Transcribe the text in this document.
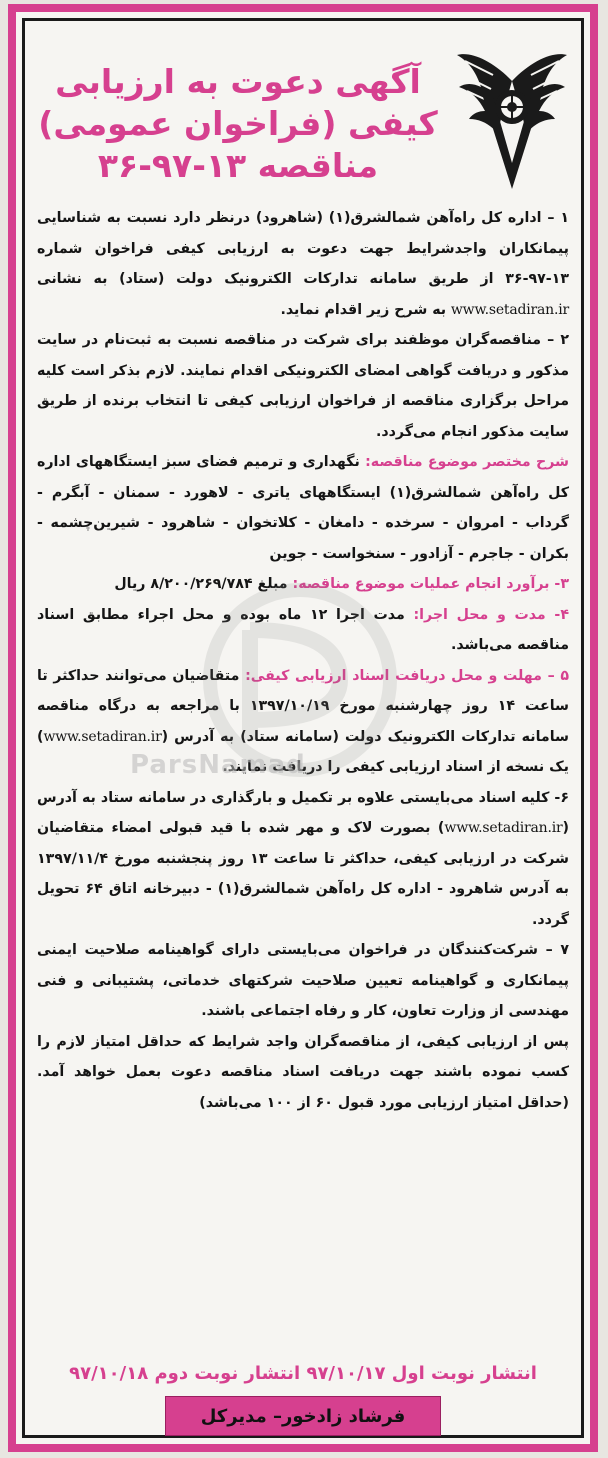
آگهی دعوت به ارزیابی
کیفی (فراخوان عمومی)
مناقصه ۱۳-۹۷-۳۶

۱ – اداره کل راه‌آهن شمالشرق(۱) (شاهرود) درنظر دارد نسبت به شناسایی پیمانکاران واجدشرایط جهت دعوت به ارزیابی کیفی فراخوان شماره ۱۳-۹۷-۳۶ از طریق سامانه تدارکات الکترونیک دولت (ستاد) به نشانی www.setadiran.ir به شرح زیر اقدام نماید.

۲ – مناقصه‌گران موظفند برای شرکت در مناقصه نسبت به ثبت‌نام در سایت مذکور و دریافت گواهی امضای الکترونیکی اقدام نمایند. لازم بذکر است کلیه مراحل برگزاری مناقصه از فراخوان ارزیابی کیفی تا انتخاب برنده از طریق سایت مذکور انجام می‌گردد.

شرح مختصر موضوع مناقصه: نگهداری و ترمیم فضای سبز ایستگاههای اداره کل راه‌آهن شمالشرق(۱) ایستگاههای یاتری - لاهورد - سمنان - آبگرم - گرداب - امروان - سرخده - دامغان - کلاتخوان - شاهرود - شیرین‌چشمه - بکران - جاجرم - آزادور - سنخواست - جوین

۳- برآورد انجام عملیات موضوع مناقصه: مبلغ ۸/۲۰۰/۲۶۹/۷۸۴ ریال

۴- مدت و محل اجرا: مدت اجرا ۱۲ ماه بوده و محل اجراء مطابق اسناد مناقصه می‌باشد.

۵ – مهلت و محل دریافت اسناد ارزیابی کیفی: متقاضیان می‌توانند حداکثر تا ساعت ۱۴ روز چهارشنبه مورخ ۱۳۹۷/۱۰/۱۹ با مراجعه به درگاه مناقصه سامانه تدارکات الکترونیک دولت (سامانه ستاد) به آدرس (www.setadiran.ir) یک نسخه از اسناد ارزیابی کیفی را دریافت نمایند.

۶- کلیه اسناد می‌بایستی علاوه بر تکمیل و بارگذاری در سامانه ستاد به آدرس (www.setadiran.ir) بصورت لاک و مهر شده با قید قبولی امضاء متقاضیان شرکت در ارزیابی کیفی، حداکثر تا ساعت ۱۳ روز پنجشنبه مورخ ۱۳۹۷/۱۱/۴ به آدرس شاهرود - اداره کل راه‌آهن شمالشرق(۱) - دبیرخانه اتاق ۶۴ تحویل گردد.

۷ – شرکت‌کنندگان در فراخوان می‌بایستی دارای گواهینامه صلاحیت ایمنی پیمانکاری و گواهینامه تعیین صلاحیت شرکتهای خدماتی، پشتیبانی و فنی مهندسی از وزارت تعاون، کار و رفاه اجتماعی باشند.

پس از ارزیابی کیفی، از مناقصه‌گران واجد شرایط که حداقل امتیاز لازم را کسب نموده باشند جهت دریافت اسناد مناقصه دعوت بعمل خواهد آمد. (حداقل امتیاز ارزیابی مورد قبول ۶۰ از ۱۰۰ می‌باشد)

انتشار نوبت اول ۹۷/۱۰/۱۷ انتشار نوبت دوم ۹۷/۱۰/۱۸
فرشاد زادخور– مدیرکل
ParsNamad
